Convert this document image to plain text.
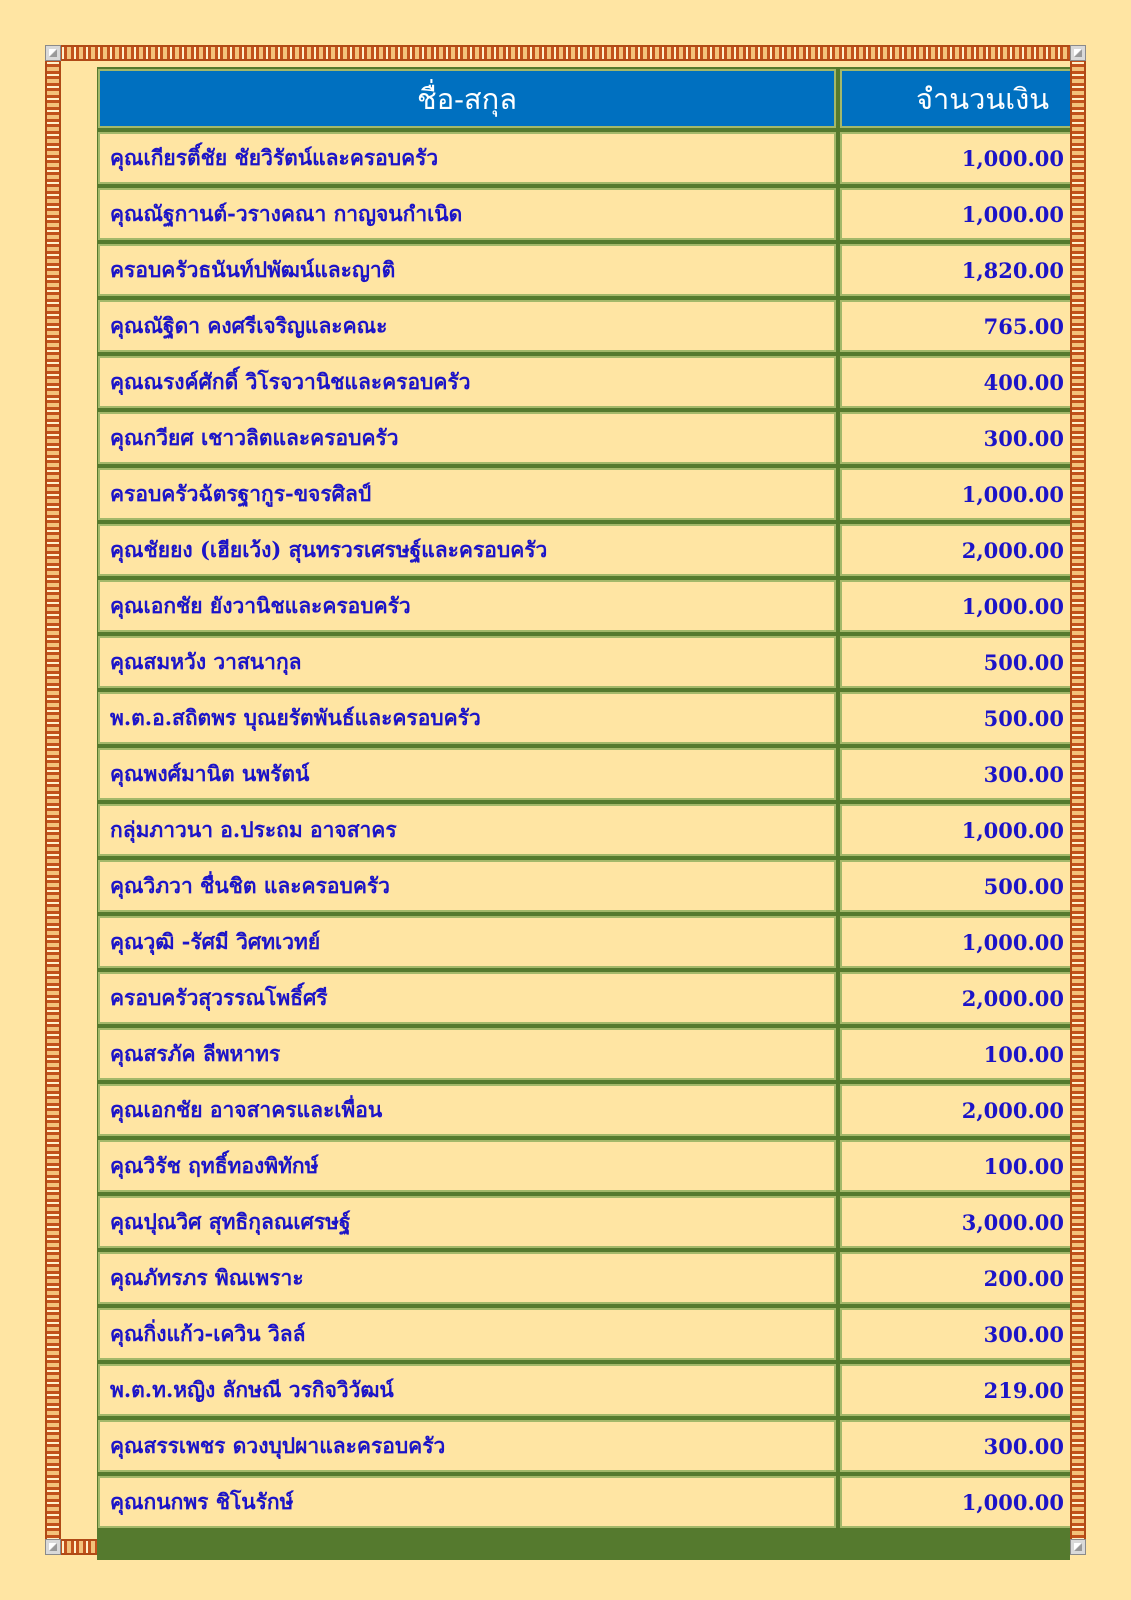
ชื่อ-สกุล	จำนวนเงิน
คุณเกียรติ์ชัย ชัยวิรัตน์และครอบครัว	1,000.00
คุณณัฐกานต์-วรางคณา กาญจนกำเนิด	1,000.00
ครอบครัวธนันท์ปพัฒน์และญาติ	1,820.00
คุณณัฐิดา คงศรีเจริญและคณะ	765.00
คุณณรงค์ศักดิ์ วิโรจวานิชและครอบครัว	400.00
คุณกวียศ เชาวลิตและครอบครัว	300.00
ครอบครัวฉัตรฐากูร-ขจรศิลป์	1,000.00
คุณชัยยง (เฮียเว้ง) สุนทรวรเศรษฐ์และครอบครัว	2,000.00
คุณเอกชัย ยังวานิชและครอบครัว	1,000.00
คุณสมหวัง วาสนากุล	500.00
พ.ต.อ.สถิตพร บุณยรัตพันธ์และครอบครัว	500.00
คุณพงศ์มานิต นพรัตน์	300.00
กลุ่มภาวนา อ.ประถม อาจสาคร	1,000.00
คุณวิภวา ชื่นชิต และครอบครัว	500.00
คุณวุฒิ -รัศมี วิศทเวทย์	1,000.00
ครอบครัวสุวรรณโพธิ์ศรี	2,000.00
คุณสรภัค ลีพหาทร	100.00
คุณเอกชัย อาจสาครและเพื่อน	2,000.00
คุณวิรัช ฤทธิ์ทองพิทักษ์	100.00
คุณปุณวิศ สุทธิกุลณเศรษฐ์	3,000.00
คุณภัทรภร พิณเพราะ	200.00
คุณกิ่งแก้ว-เควิน วิลล์	300.00
พ.ต.ท.หญิง ลักษณี วรกิจวิวัฒน์	219.00
คุณสรรเพชร ดวงบุปผาและครอบครัว	300.00
คุณกนกพร ชิโนรักษ์	1,000.00
